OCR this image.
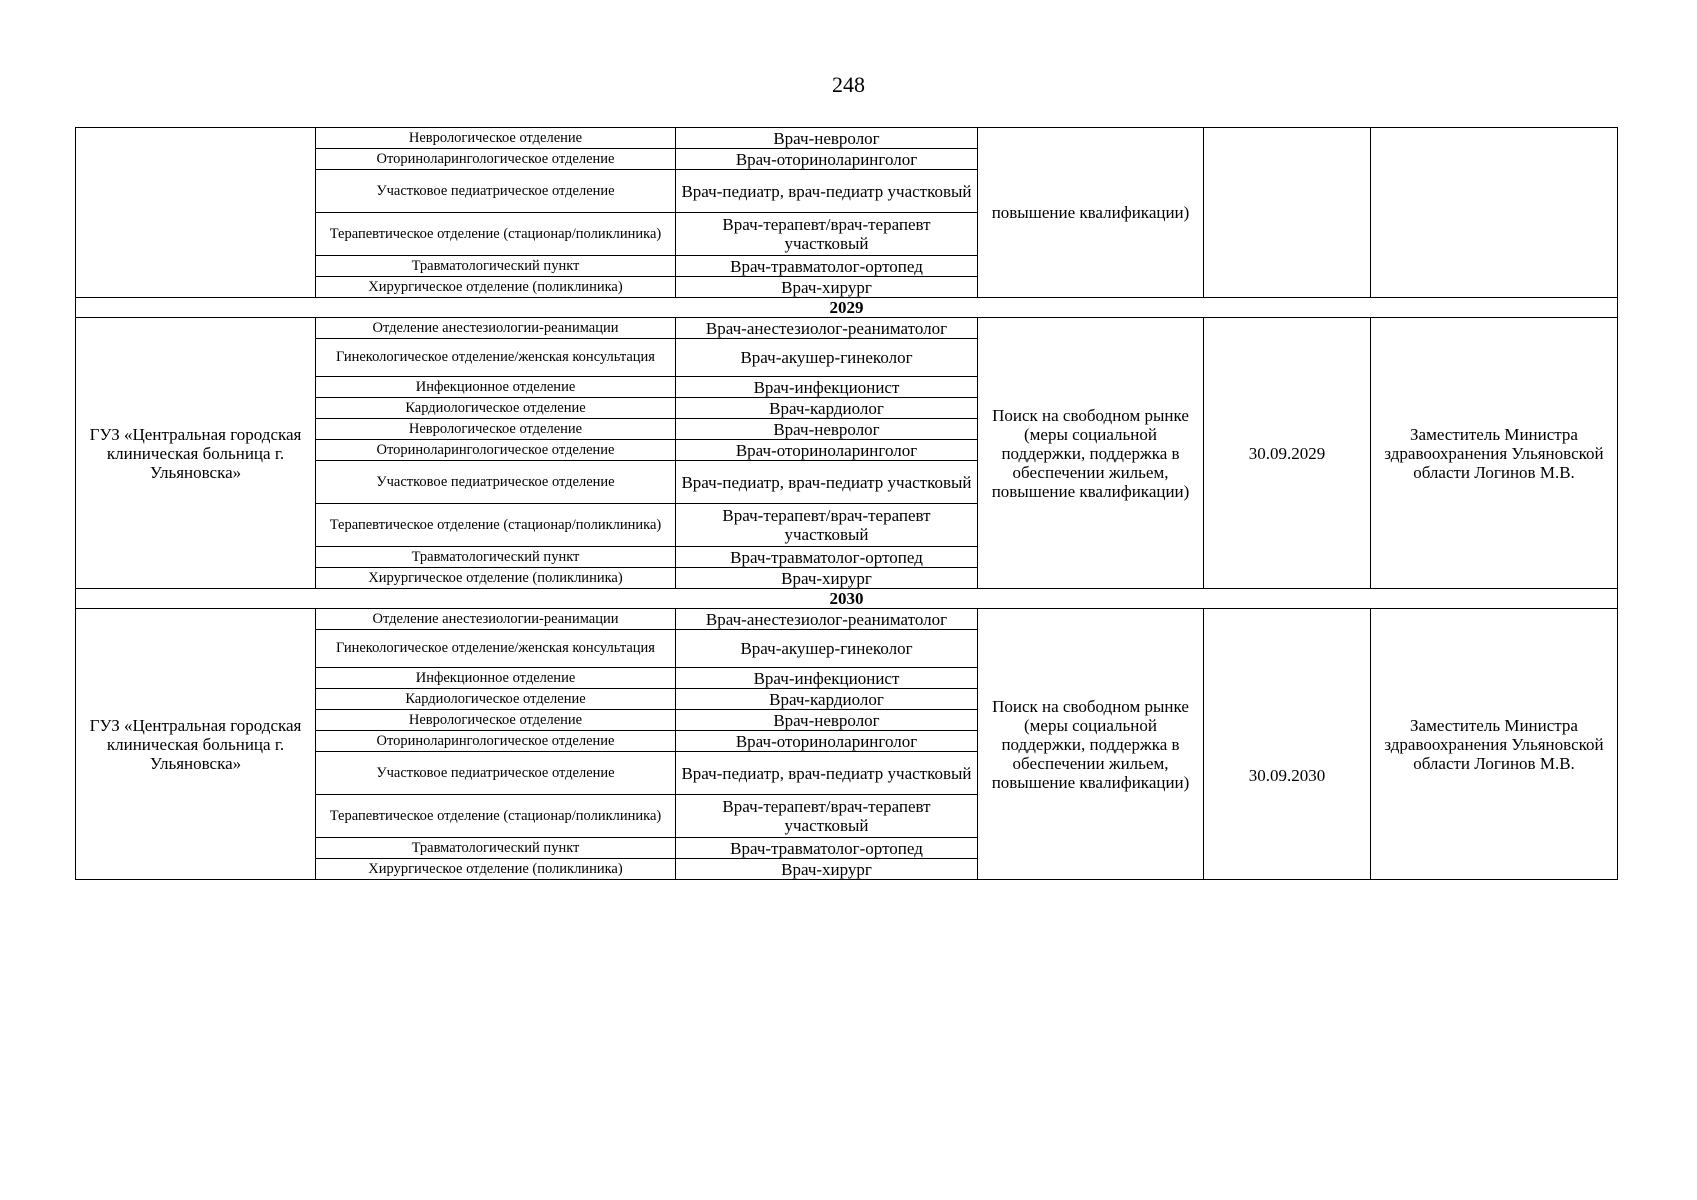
248
	Неврологическое отделение	Врач-невролог	повышение квалификации)		
	Оториноларингологическое отделение	Врач-оториноларинголог			
	Участковое педиатрическое отделение	Врач-педиатр, врач-педиатр участковый			
	Терапевтическое отделение (стационар/поликлиника)	Врач-терапевт/врач-терапевт участковый			
	Травматологический пункт	Врач-травматолог-ортопед			
	Хирургическое отделение (поликлиника)	Врач-хирург			
2029					
ГУЗ «Центральная городская клиническая больница г. Ульяновска»	Отделение анестезиологии-реанимации	Врач-анестезиолог-реаниматолог	Поиск на свободном рынке (меры социальной поддержки, поддержка в обеспечении жильем, повышение квалификации)	30.09.2029	Заместитель Министра здравоохранения Ульяновской области Логинов М.В.
	Гинекологическое отделение/женская консультация	Врач-акушер-гинеколог			
	Инфекционное отделение	Врач-инфекционист			
	Кардиологическое отделение	Врач-кардиолог			
	Неврологическое отделение	Врач-невролог			
	Оториноларингологическое отделение	Врач-оториноларинголог			
	Участковое педиатрическое отделение	Врач-педиатр, врач-педиатр участковый			
	Терапевтическое отделение (стационар/поликлиника)	Врач-терапевт/врач-терапевт участковый			
	Травматологический пункт	Врач-травматолог-ортопед			
	Хирургическое отделение (поликлиника)	Врач-хирург			
2030					
ГУЗ «Центральная городская клиническая больница г. Ульяновска»	Отделение анестезиологии-реанимации	Врач-анестезиолог-реаниматолог	Поиск на свободном рынке (меры социальной поддержки, поддержка в обеспечении жильем, повышение квалификации)	30.09.2030	Заместитель Министра здравоохранения Ульяновской области Логинов М.В.
	Гинекологическое отделение/женская консультация	Врач-акушер-гинеколог			
	Инфекционное отделение	Врач-инфекционист			
	Кардиологическое отделение	Врач-кардиолог			
	Неврологическое отделение	Врач-невролог			
	Оториноларингологическое отделение	Врач-оториноларинголог			
	Участковое педиатрическое отделение	Врач-педиатр, врач-педиатр участковый			
	Терапевтическое отделение (стационар/поликлиника)	Врач-терапевт/врач-терапевт участковый			
	Травматологический пункт	Врач-травматолог-ортопед			
	Хирургическое отделение (поликлиника)	Врач-хирург			
